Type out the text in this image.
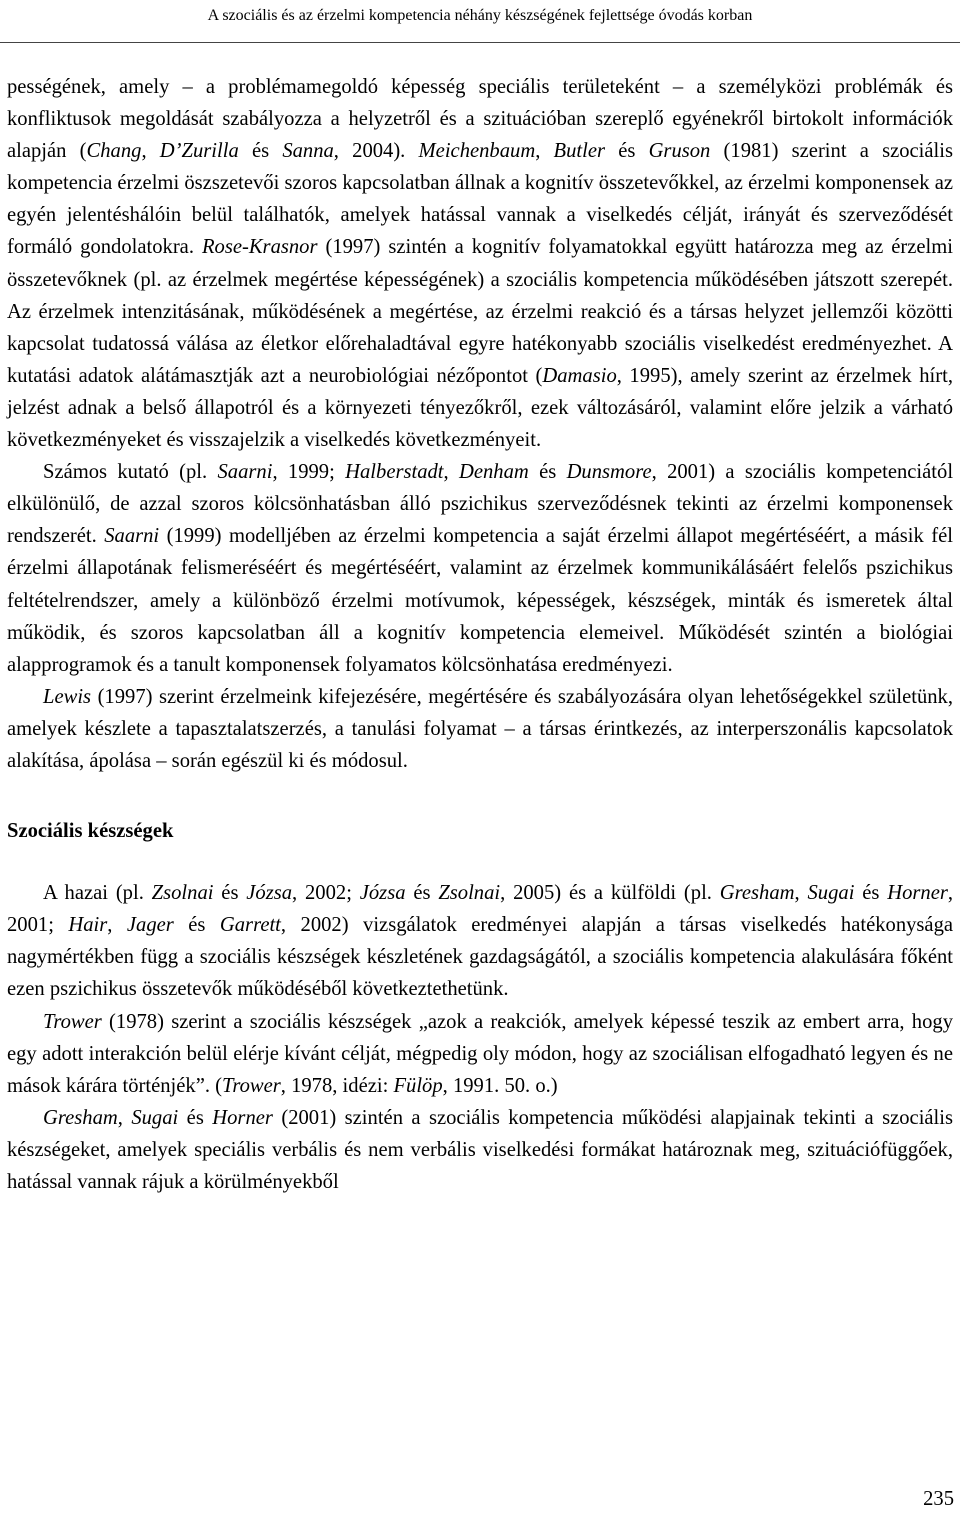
A szociális és az érzelmi kompetencia néhány készségének fejlettsége óvodás korban

pességének, amely – a problémamegoldó képesség speciális területeként – a személyközi problémák és konfliktusok megoldását szabályozza a helyzetről és a szituációban szereplő egyénekről birtokolt információk alapján (Chang, D’Zurilla és Sanna, 2004). Meichenbaum, Butler és Gruson (1981) szerint a szociális kompetencia érzelmi öszszetevői szoros kapcsolatban állnak a kognitív összetevőkkel, az érzelmi komponensek az egyén jelentéshálóin belül találhatók, amelyek hatással vannak a viselkedés célját, irányát és szerveződését formáló gondolatokra. Rose-Krasnor (1997) szintén a kognitív folyamatokkal együtt határozza meg az érzelmi összetevőknek (pl. az érzelmek megértése képességének) a szociális kompetencia működésében játszott szerepét. Az érzelmek intenzitásának, működésének a megértése, az érzelmi reakció és a társas helyzet jellemzői közötti kapcsolat tudatossá válása az életkor előrehaladtával egyre hatékonyabb szociális viselkedést eredményezhet. A kutatási adatok alátámasztják azt a neurobiológiai nézőpontot (Damasio, 1995), amely szerint az érzelmek hírt, jelzést adnak a belső állapotról és a környezeti tényezőkről, ezek változásáról, valamint előre jelzik a várható következményeket és visszajelzik a viselkedés következményeit.

Számos kutató (pl. Saarni, 1999; Halberstadt, Denham és Dunsmore, 2001) a szociális kompetenciától elkülönülő, de azzal szoros kölcsönhatásban álló pszichikus szerveződésnek tekinti az érzelmi komponensek rendszerét. Saarni (1999) modelljében az érzelmi kompetencia a saját érzelmi állapot megértéséért, a másik fél érzelmi állapotának felismeréséért és megértéséért, valamint az érzelmek kommunikálásáért felelős pszichikus feltételrendszer, amely a különböző érzelmi motívumok, képességek, készségek, minták és ismeretek által működik, és szoros kapcsolatban áll a kognitív kompetencia elemeivel. Működését szintén a biológiai alapprogramok és a tanult komponensek folyamatos kölcsönhatása eredményezi.

Lewis (1997) szerint érzelmeink kifejezésére, megértésére és szabályozására olyan lehetőségekkel születünk, amelyek készlete a tapasztalatszerzés, a tanulási folyamat – a társas érintkezés, az interperszonális kapcsolatok alakítása, ápolása – során egészül ki és módosul.

Szociális készségek

A hazai (pl. Zsolnai és Józsa, 2002; Józsa és Zsolnai, 2005) és a külföldi (pl. Gresham, Sugai és Horner, 2001; Hair, Jager és Garrett, 2002) vizsgálatok eredményei alapján a társas viselkedés hatékonysága nagymértékben függ a szociális készségek készletének gazdagságától, a szociális kompetencia alakulására főként ezen pszichikus összetevők működéséből következtethetünk.

Trower (1978) szerint a szociális készségek „azok a reakciók, amelyek képessé teszik az embert arra, hogy egy adott interakción belül elérje kívánt célját, mégpedig oly módon, hogy az szociálisan elfogadható legyen és ne mások kárára történjék”. (Trower, 1978, idézi: Fülöp, 1991. 50. o.)

Gresham, Sugai és Horner (2001) szintén a szociális kompetencia működési alapjainak tekinti a szociális készségeket, amelyek speciális verbális és nem verbális viselkedési formákat határoznak meg, szituációfüggőek, hatással vannak rájuk a körülményekből

235
